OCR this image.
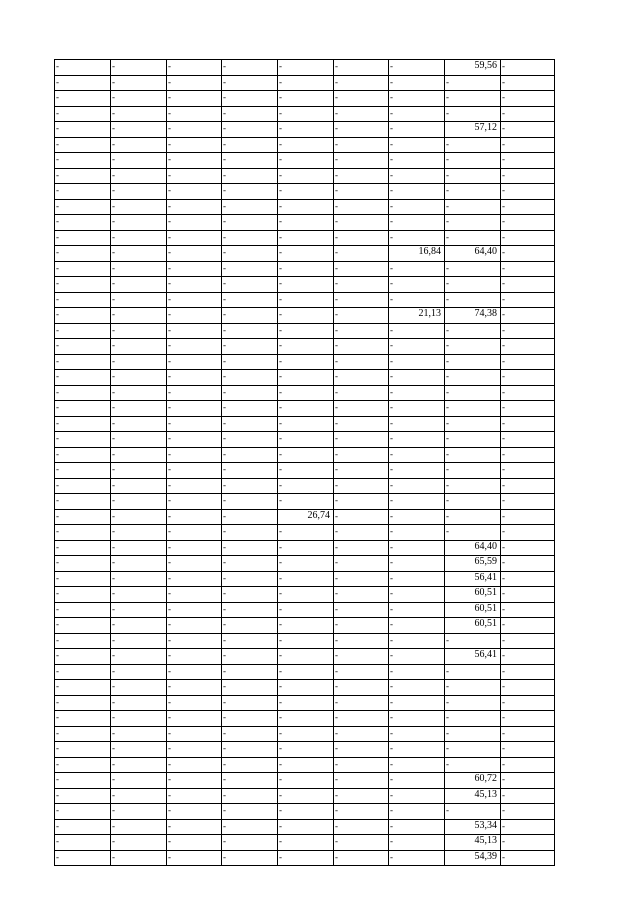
-	-	-	-	-	-	-	59,56	-
-	-	-	-	-	-	-	-	-
-	-	-	-	-	-	-	-	-
-	-	-	-	-	-	-	-	-
-	-	-	-	-	-	-	57,12	-
-	-	-	-	-	-	-	-	-
-	-	-	-	-	-	-	-	-
-	-	-	-	-	-	-	-	-
-	-	-	-	-	-	-	-	-
-	-	-	-	-	-	-	-	-
-	-	-	-	-	-	-	-	-
-	-	-	-	-	-	-	-	-
-	-	-	-	-	-	16,84	64,40	-
-	-	-	-	-	-	-	-	-
-	-	-	-	-	-	-	-	-
-	-	-	-	-	-	-	-	-
-	-	-	-	-	-	21,13	74,38	-
-	-	-	-	-	-	-	-	-
-	-	-	-	-	-	-	-	-
-	-	-	-	-	-	-	-	-
-	-	-	-	-	-	-	-	-
-	-	-	-	-	-	-	-	-
-	-	-	-	-	-	-	-	-
-	-	-	-	-	-	-	-	-
-	-	-	-	-	-	-	-	-
-	-	-	-	-	-	-	-	-
-	-	-	-	-	-	-	-	-
-	-	-	-	-	-	-	-	-
-	-	-	-	-	-	-	-	-
-	-	-	-	26,74	-	-	-	-
-	-	-	-	-	-	-	-	-
-	-	-	-	-	-	-	64,40	-
-	-	-	-	-	-	-	65,59	-
-	-	-	-	-	-	-	56,41	-
-	-	-	-	-	-	-	60,51	-
-	-	-	-	-	-	-	60,51	-
-	-	-	-	-	-	-	60,51	-
-	-	-	-	-	-	-	-	-
-	-	-	-	-	-	-	56,41	-
-	-	-	-	-	-	-	-	-
-	-	-	-	-	-	-	-	-
-	-	-	-	-	-	-	-	-
-	-	-	-	-	-	-	-	-
-	-	-	-	-	-	-	-	-
-	-	-	-	-	-	-	-	-
-	-	-	-	-	-	-	-	-
-	-	-	-	-	-	-	60,72	-
-	-	-	-	-	-	-	45,13	-
-	-	-	-	-	-	-	-	-
-	-	-	-	-	-	-	53,34	-
-	-	-	-	-	-	-	45,13	-
-	-	-	-	-	-	-	54,39	-
